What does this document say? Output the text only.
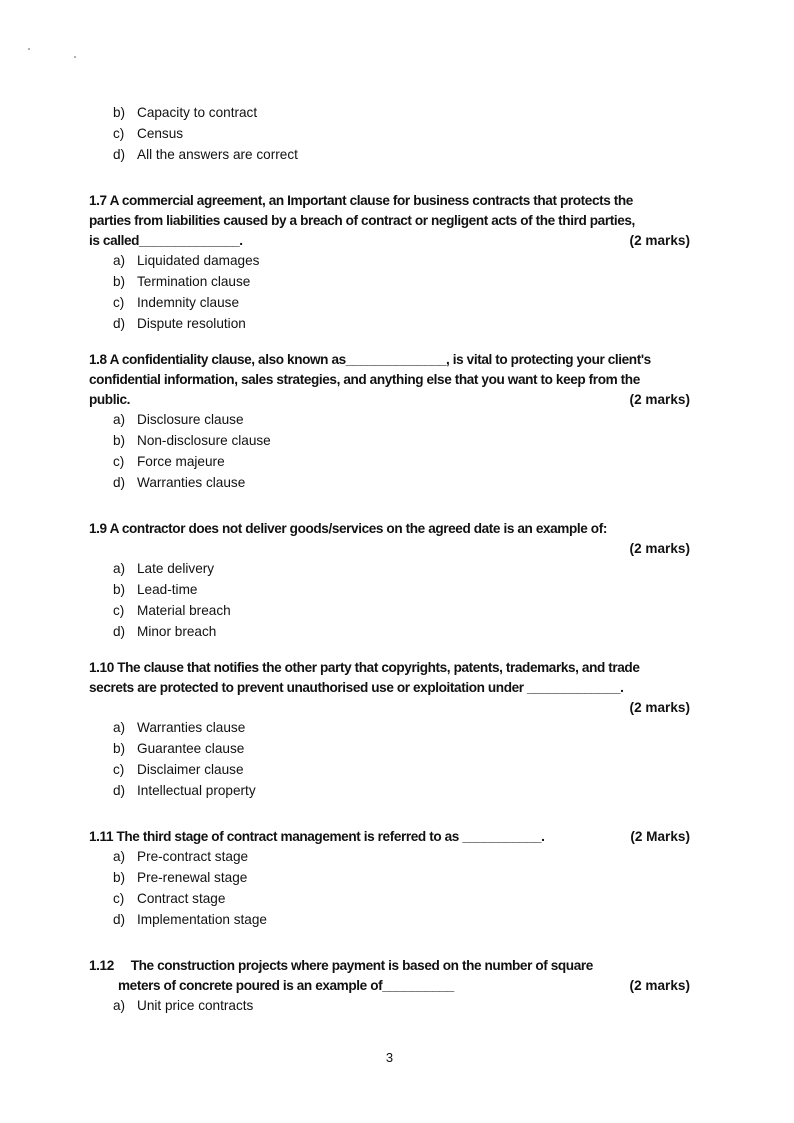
b) Capacity to contract
c) Census
d) All the answers are correct
1.7 A commercial agreement, an Important clause for business contracts that protects the
parties from liabilities caused by a breach of contract or negligent acts of the third parties,
is called______________.	(2 marks)
a) Liquidated damages
b) Termination clause
c) Indemnity clause
d) Dispute resolution
1.8 A confidentiality clause, also known as______________, is vital to protecting your client's
confidential information, sales strategies, and anything else that you want to keep from the
public.	(2 marks)
a) Disclosure clause
b) Non-disclosure clause
c) Force majeure
d) Warranties clause
1.9 A contractor does not deliver goods/services on the agreed date is an example of:
(2 marks)
a) Late delivery
b) Lead-time
c) Material breach
d) Minor breach
1.10 The clause that notifies the other party that copyrights, patents, trademarks, and trade
secrets are protected to prevent unauthorised use or exploitation under _____________.
(2 marks)
a) Warranties clause
b) Guarantee clause
c) Disclaimer clause
d) Intellectual property
1.11 The third stage of contract management is referred to as ___________.	(2 Marks)
a) Pre-contract stage
b) Pre-renewal stage
c) Contract stage
d) Implementation stage
1.12     The construction projects where payment is based on the number of square
meters of concrete poured is an example of__________	(2 marks)
a) Unit price contracts
3
